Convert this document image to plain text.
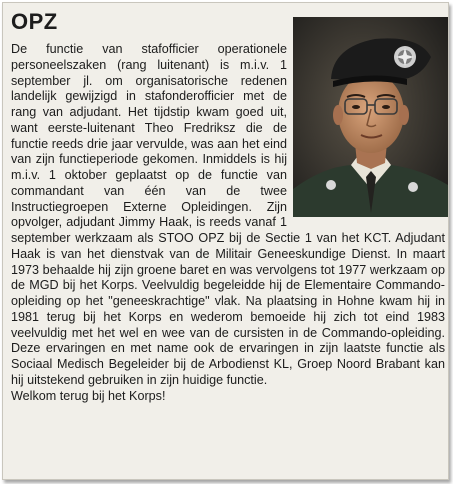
OPZ

De functie van stafofficier operationele personeelszaken (rang luitenant) is m.i.v. 1 september jl. om organisatorische redenen landelijk gewijzigd in stafonderofficier met de rang van adjudant. Het tijdstip kwam goed uit, want eerste-luitenant Theo Fredriksz die de functie reeds drie jaar vervulde, was aan het eind van zijn functieperiode gekomen. Inmiddels is hij m.i.v. 1 oktober geplaatst op de functie van commandant van één van de twee Instructiegroepen Externe Opleidingen. Zijn opvolger, adjudant Jimmy Haak, is reeds vanaf 1 september werkzaam als STOO OPZ bij de Sectie 1 van het KCT. Adjudant Haak is van het dienstvak van de Militair Geneeskundige Dienst. In maart 1973 behaalde hij zijn groene baret en was vervolgens tot 1977 werkzaam op de MGD bij het Korps. Veelvuldig begeleidde hij de Elementaire Commando-opleiding op het "geneeskrachtige" vlak. Na plaatsing in Hohne kwam hij in 1981 terug bij het Korps en wederom bemoeide hij zich tot eind 1983 veelvuldig met het wel en wee van de cursisten in de Commando-opleiding. Deze ervaringen en met name ook de ervaringen in zijn laatste functie als Sociaal Medisch Begeleider bij de Arbodienst KL, Groep Noord Brabant kan hij uitstekend gebruiken in zijn huidige functie.

Welkom terug bij het Korps!
